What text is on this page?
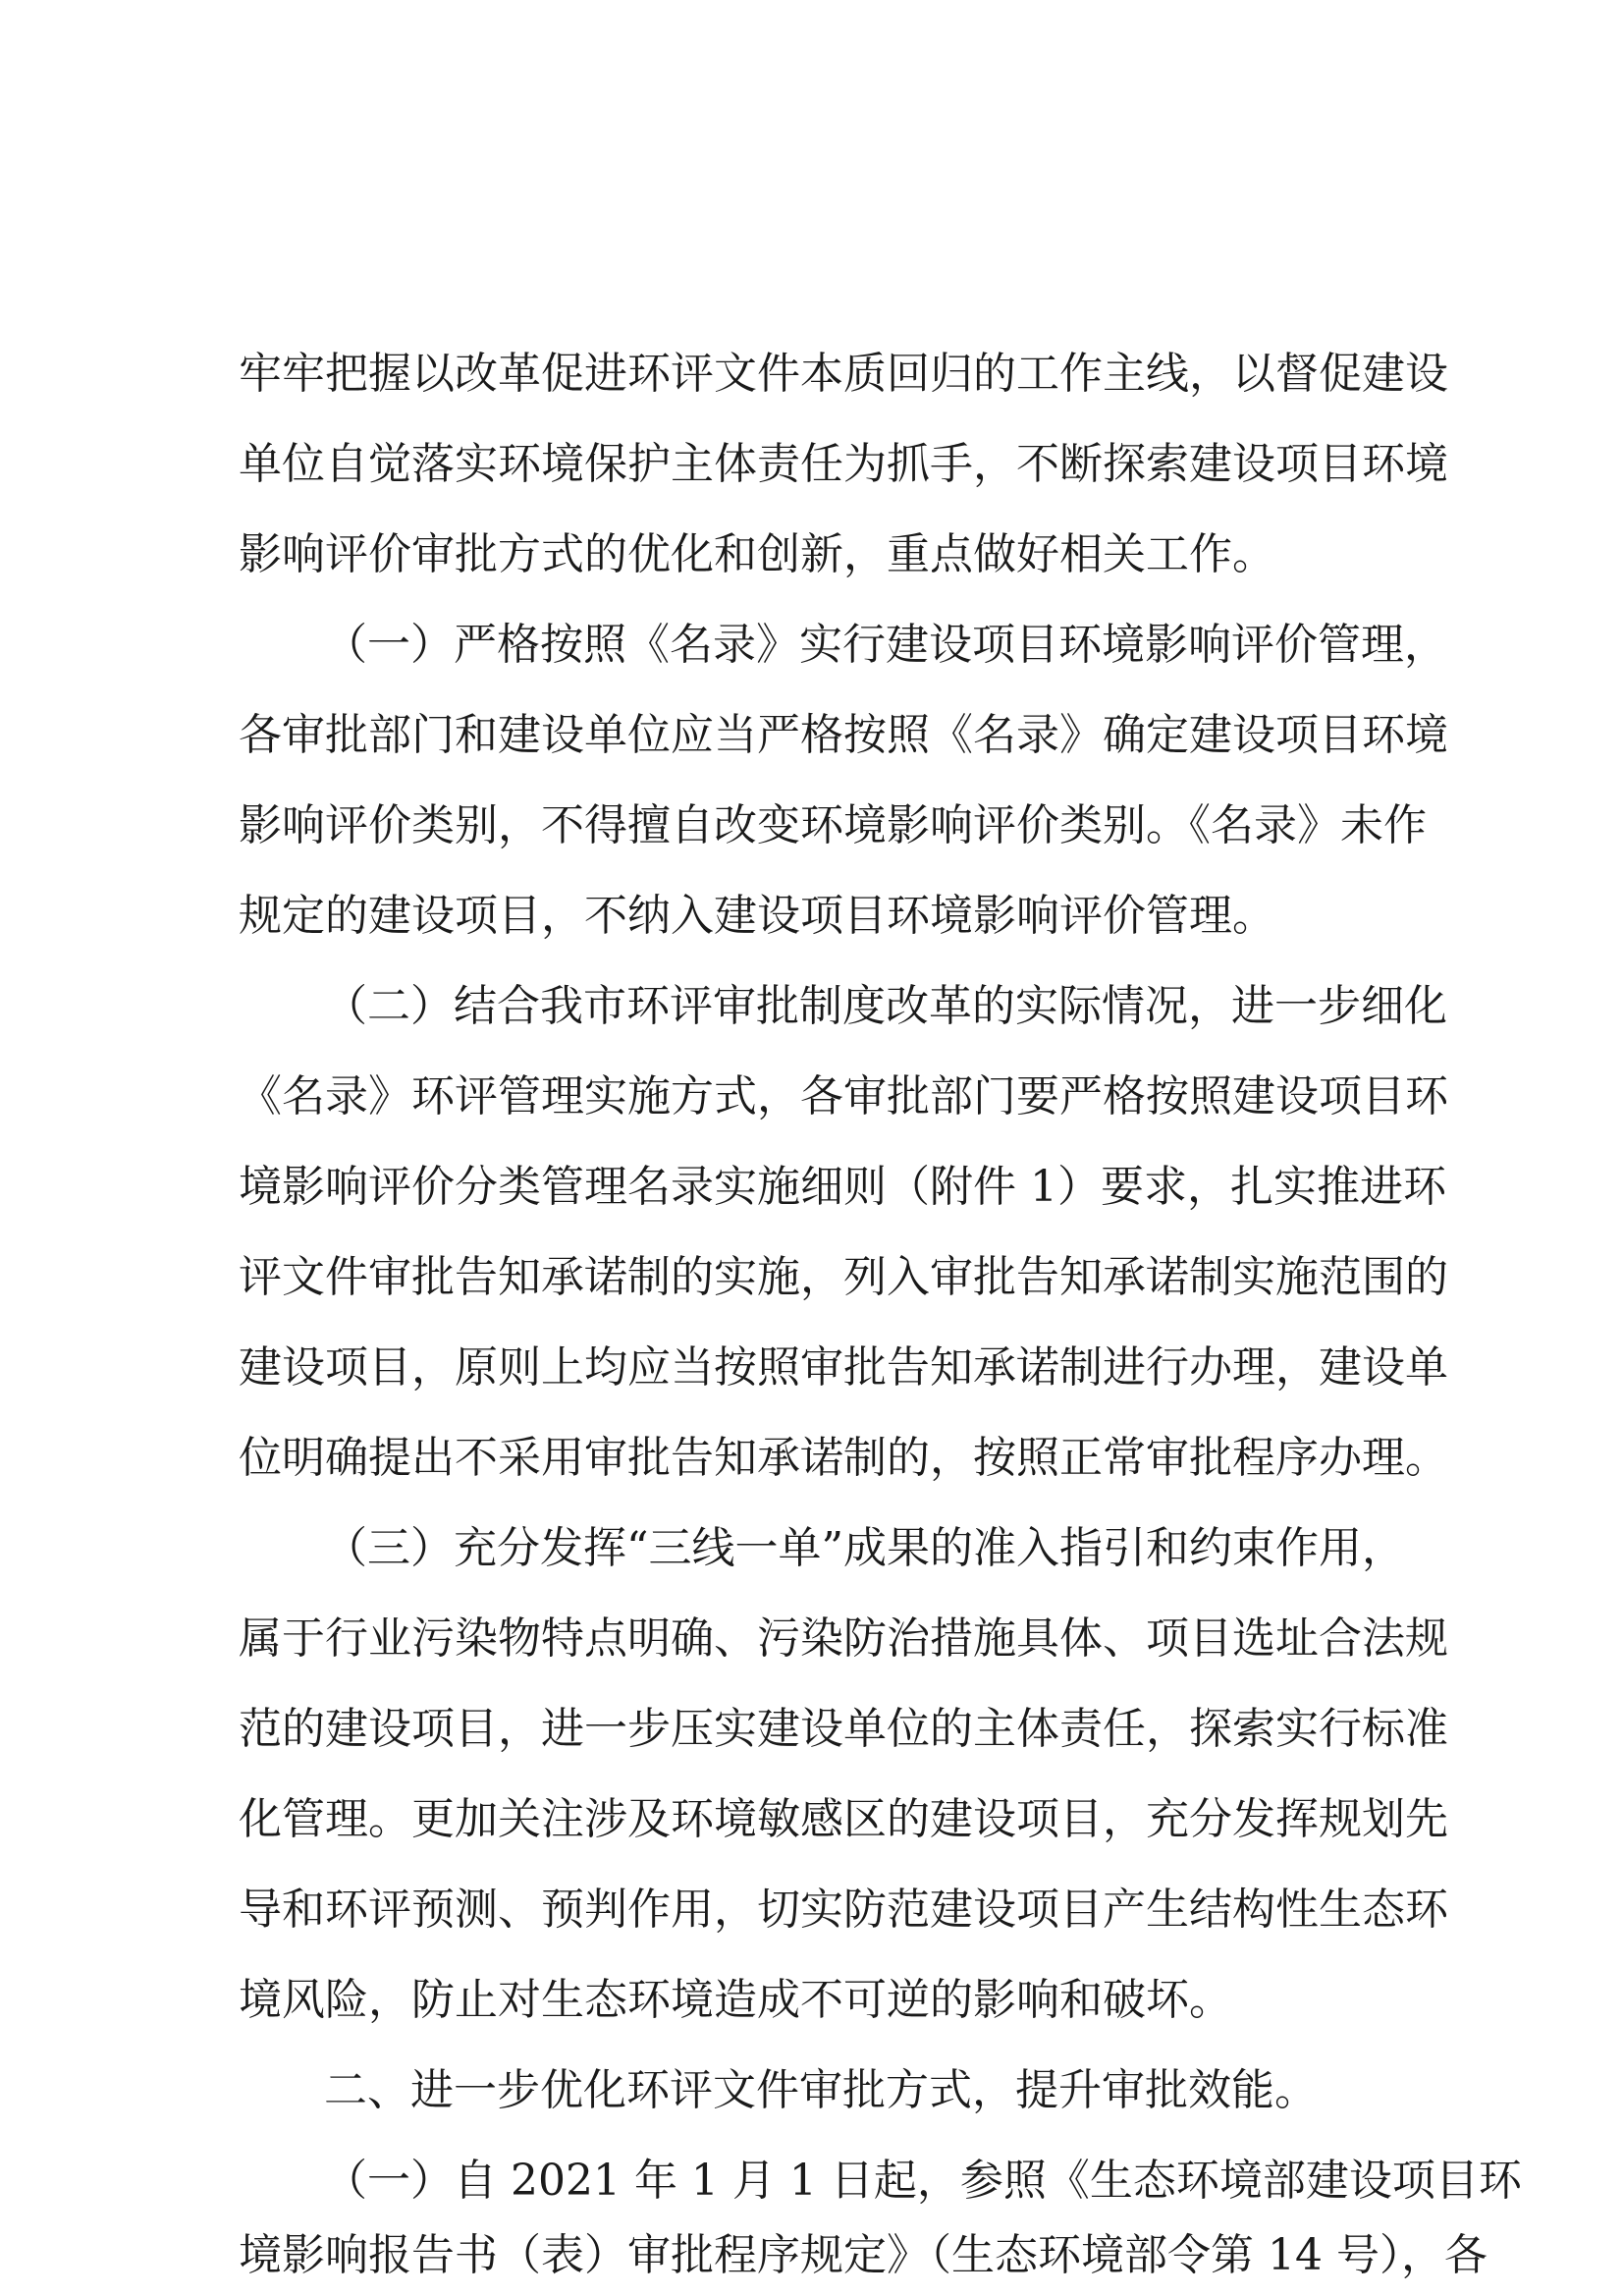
牢牢把握以改革促进环评文件本质回归的工作主线，以督促建设
单位自觉落实环境保护主体责任为抓手，不断探索建设项目环境
影响评价审批方式的优化和创新，重点做好相关工作。
（一）严格按照《名录》实行建设项目环境影响评价管理，
各审批部门和建设单位应当严格按照《名录》确定建设项目环境
影响评价类别，不得擅自改变环境影响评价类别。《名录》未作
规定的建设项目，不纳入建设项目环境影响评价管理。
（二）结合我市环评审批制度改革的实际情况，进一步细化
《名录》环评管理实施方式，各审批部门要严格按照建设项目环
境影响评价分类管理名录实施细则（附件 1）要求，扎实推进环
评文件审批告知承诺制的实施，列入审批告知承诺制实施范围的
建设项目，原则上均应当按照审批告知承诺制进行办理，建设单
位明确提出不采用审批告知承诺制的，按照正常审批程序办理。
（三）充分发挥“三线一单”成果的准入指引和约束作用，
属于行业污染物特点明确、污染防治措施具体、项目选址合法规
范的建设项目，进一步压实建设单位的主体责任，探索实行标准
化管理。更加关注涉及环境敏感区的建设项目，充分发挥规划先
导和环评预测、预判作用，切实防范建设项目产生结构性生态环
境风险，防止对生态环境造成不可逆的影响和破坏。
二、进一步优化环评文件审批方式，提升审批效能。
（一）自 2021 年 1 月 1 日起，参照《生态环境部建设项目环
境影响报告书（表）审批程序规定》（生态环境部令第 14 号），各
